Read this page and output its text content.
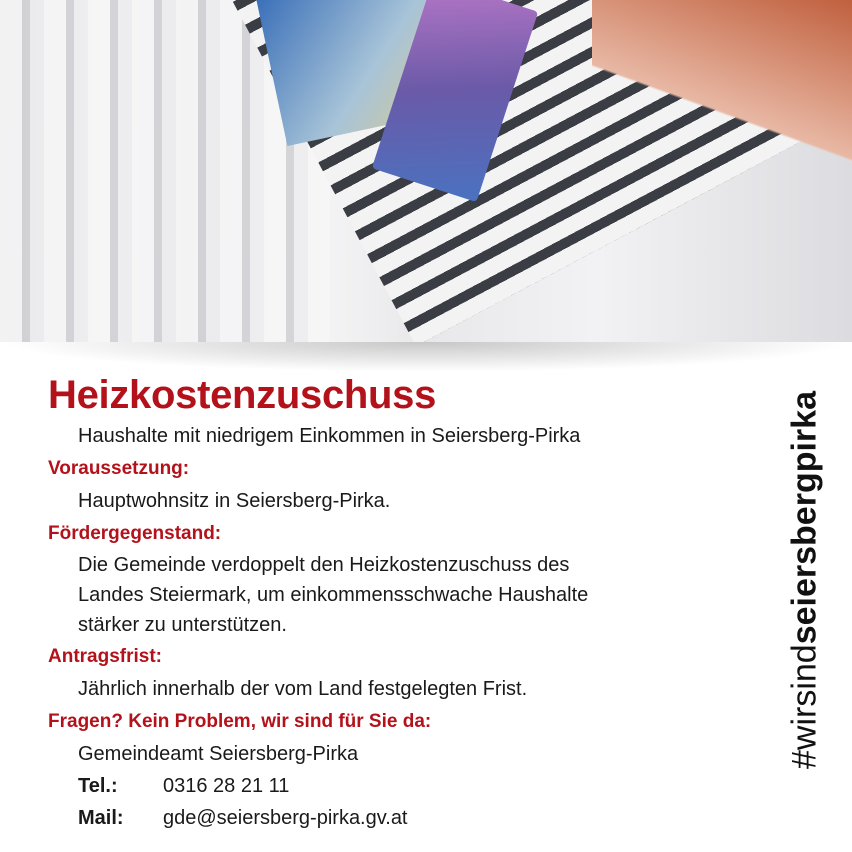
Heizkostenzuschuss
Haushalte mit niedrigem Einkommen in Seiersberg-Pirka
Voraussetzung:
Hauptwohnsitz in Seiersberg-Pirka.
Fördergegenstand:
Die Gemeinde verdoppelt den Heizkostenzuschuss des
Landes Steiermark, um einkommensschwache Haushalte
stärker zu unterstützen.
Antragsfrist:
Jährlich innerhalb der vom Land festgelegten Frist.
Fragen? Kein Problem, wir sind für Sie da:
Gemeindeamt Seiersberg-Pirka
Tel.:	0316 28 21 11
Mail:	gde@seiersberg-pirka.gv.at
#wirsindseiersbergpirka
